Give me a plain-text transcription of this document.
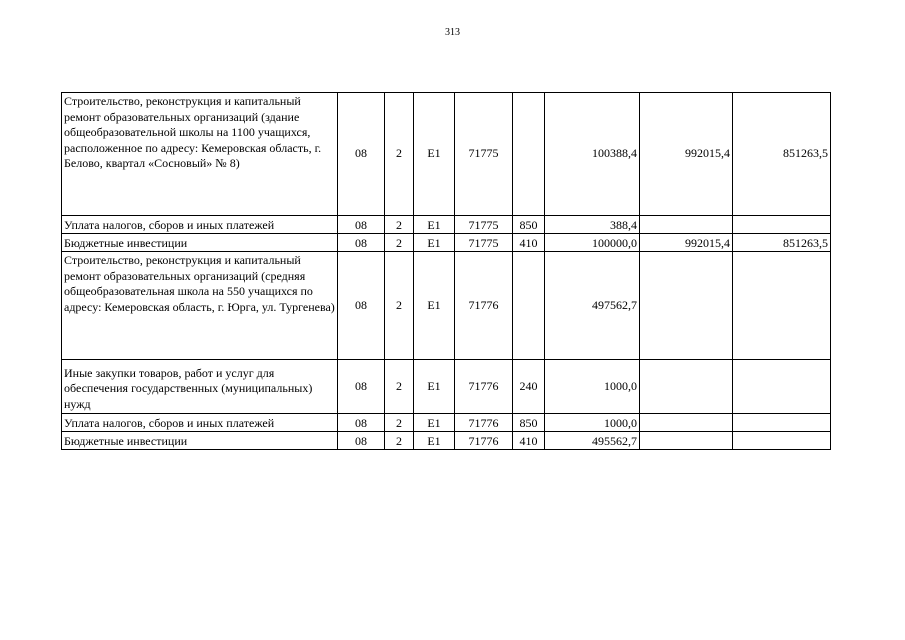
313
Строительство, реконструкция и капитальный ремонт образовательных организаций (здание общеобразовательной школы на 1100 учащихся, расположенное по адресу: Кемеровская область, г. Белово, квартал «Сосновый» № 8)	08	2	Е1	71775		100388,4	992015,4	851263,5
Уплата налогов, сборов и иных платежей	08	2	Е1	71775	850	388,4		
Бюджетные инвестиции	08	2	Е1	71775	410	100000,0	992015,4	851263,5
Строительство, реконструкция и капитальный ремонт образовательных организаций (средняя общеобразовательная школа на 550 учащихся по адресу: Кемеровская область, г. Юрга, ул. Тургенева)	08	2	Е1	71776		497562,7		
Иные закупки товаров, работ и услуг для обеспечения государственных (муниципальных) нужд	08	2	Е1	71776	240	1000,0		
Уплата налогов, сборов и иных платежей	08	2	Е1	71776	850	1000,0		
Бюджетные инвестиции	08	2	Е1	71776	410	495562,7		
